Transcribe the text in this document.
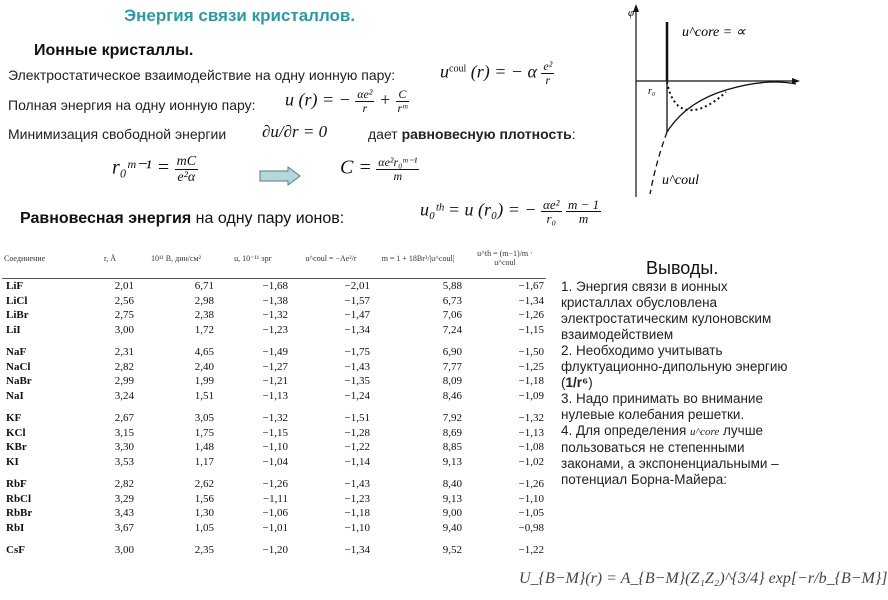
Энергия связи кристаллов.
Ионные кристаллы.
Электростатическое взаимодействие на одну ионную пару: $u^{coul}$ (r) = − α $\frac{\text{e²}}{r}$
Полная энергия на одну ионную пару: u (r) = − $\frac{\text{αe²}}{r} + \frac{C}{\text{rᵐ}}$
Минимизация свободной энергии ∂u/∂r = 0	дает равновесную плотность:
r₀ᵐ⁻¹ = $\frac{mC}{\text{e²α}}$	$C = \frac{\text{αe²r₀ᵐ⁻¹}}{m}$
Равновесная энергия на одну пару ионов:	u₀ᵗʰ = u (r₀) = − $\frac{\text{αe²}}{\text{r₀}}$
$\frac{m - 1}{m}$
Соединение	r, Å	10¹¹ B, дин/см²	u, 10⁻¹¹ эрг	u^coul = −Ae²/r	m = 1 + 18Br³/|u^coul|	u^th = (m−1)/m · u^coul
LiF	2,01	6,71	−1,68	−2,01	5,88	−1,67
LiCl	2,56	2,98	−1,38	−1,57	6,73	−1,34
LiBr	2,75	2,38	−1,32	−1,47	7,06	−1,26
LiI	3,00	1,72	−1,23	−1,34	7,24	−1,15

NaF	2,31	4,65	−1,49	−1,75	6,90	−1,50
NaCl	2,82	2,40	−1,27	−1,43	7,77	−1,25
NaBr	2,99	1,99	−1,21	−1,35	8,09	−1,18
NaI	3,24	1,51	−1,13	−1,24	8,46	−1,09

KF	2,67	3,05	−1,32	−1,51	7,92	−1,32
KCl	3,15	1,75	−1,15	−1,28	8,69	−1,13
KBr	3,30	1,48	−1,10	−1,22	8,85	−1,08
KI	3,53	1,17	−1,04	−1,14	9,13	−1,02

RbF	2,82	2,62	−1,26	−1,43	8,40	−1,26
RbCl	3,29	1,56	−1,11	−1,23	9,13	−1,10
RbBr	3,43	1,30	−1,06	−1,18	9,00	−1,05
RbI	3,67	1,05	−1,01	−1,10	9,40	−0,98

CsF	3,00	2,35	−1,20	−1,34	9,52	−1,22
φ
u^core = ∝
r₀
u^coul
Выводы.

1. Энергия связи в ионных кристаллах обусловлена электростатическим кулоновским взаимодействием

2. Необходимо учитывать флуктуационно-дипольную энергию (1/r⁶)

3. Надо принимать во внимание нулевые колебания решетки.

4. Для определения u^core лучше пользоваться не степенными законами, а экспоненциальными – потенциал Борна-Майера:

U_{B−M}(r) = A_{B−M}(Z₁Z₂)^{3/4} exp[−r/b_{B−M}]
